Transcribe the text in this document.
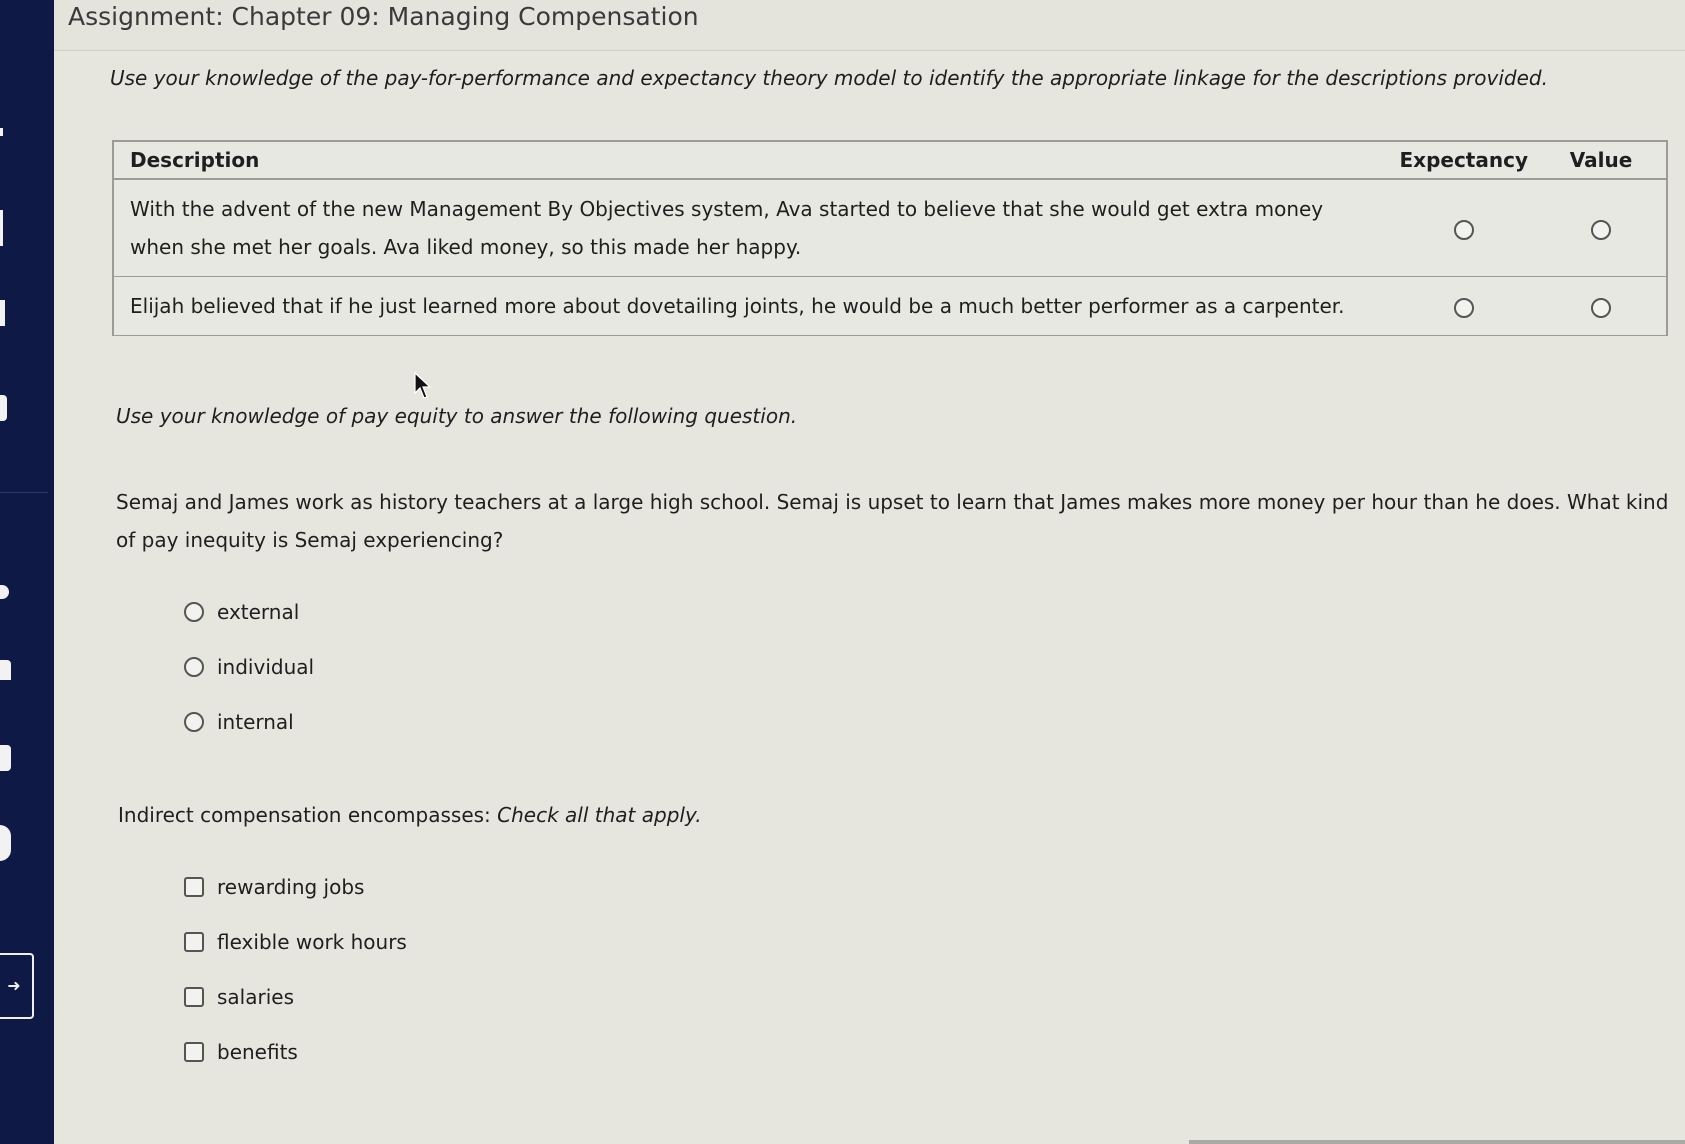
➜
Assignment: Chapter 09: Managing Compensation
Use your knowledge of the pay-for-performance and expectancy theory model to identify the appropriate linkage for the descriptions provided.
Description	Expectancy	Value
With the advent of the new Management By Objectives system, Ava started to believe that she would get extra money when she met her goals. Ava liked money, so this made her happy.		
Elijah believed that if he just learned more about dovetailing joints, he would be a much better performer as a carpenter.		
Use your knowledge of pay equity to answer the following question.
Semaj and James work as history teachers at a large high school. Semaj is upset to learn that James makes more money per hour than he does. What kind of pay inequity is Semaj experiencing?
external
individual
internal
Indirect compensation encompasses: Check all that apply.
rewarding jobs
flexible work hours
salaries
benefits
